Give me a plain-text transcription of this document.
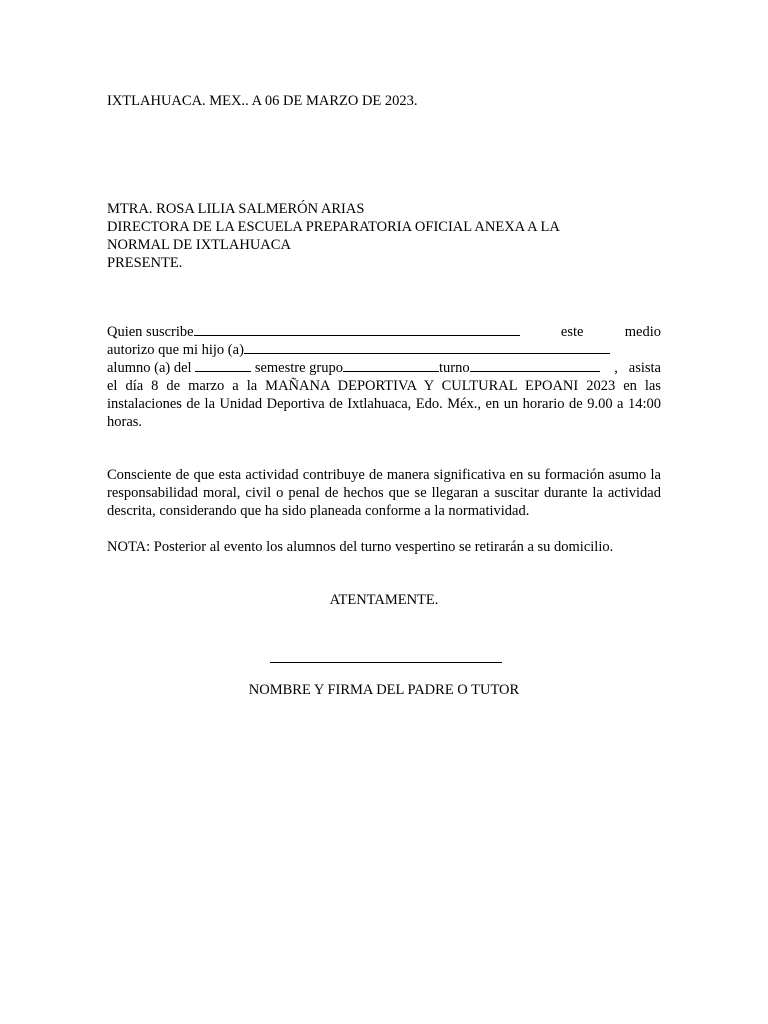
IXTLAHUACA. MEX.. A 06 DE MARZO DE 2023.

MTRA. ROSA LILIA SALMERÓN ARIAS
DIRECTORA DE LA ESCUELA PREPARATORIA OFICIAL ANEXA A LA
NORMAL DE IXTLAHUACA
PRESENTE.
Quien suscribe	este	medio
autorizo que mi hijo (a)
alumno (a) del	semestre grupo	turno	,   asista
el día 8 de marzo a la MAÑANA DEPORTIVA Y CULTURAL EPOANI 2023 en las instalaciones de la Unidad Deportiva de Ixtlahuaca, Edo. Méx., en un horario de 9.00 a 14:00 horas.

Consciente de que esta actividad contribuye de manera significativa en su formación asumo la responsabilidad moral, civil o penal de hechos que se llegaran a suscitar durante la actividad descrita, considerando que ha sido planeada conforme a la normatividad.

NOTA: Posterior al evento los alumnos del turno vespertino se retirarán a su domicilio.

ATENTAMENTE.
NOMBRE Y FIRMA DEL PADRE O TUTOR
